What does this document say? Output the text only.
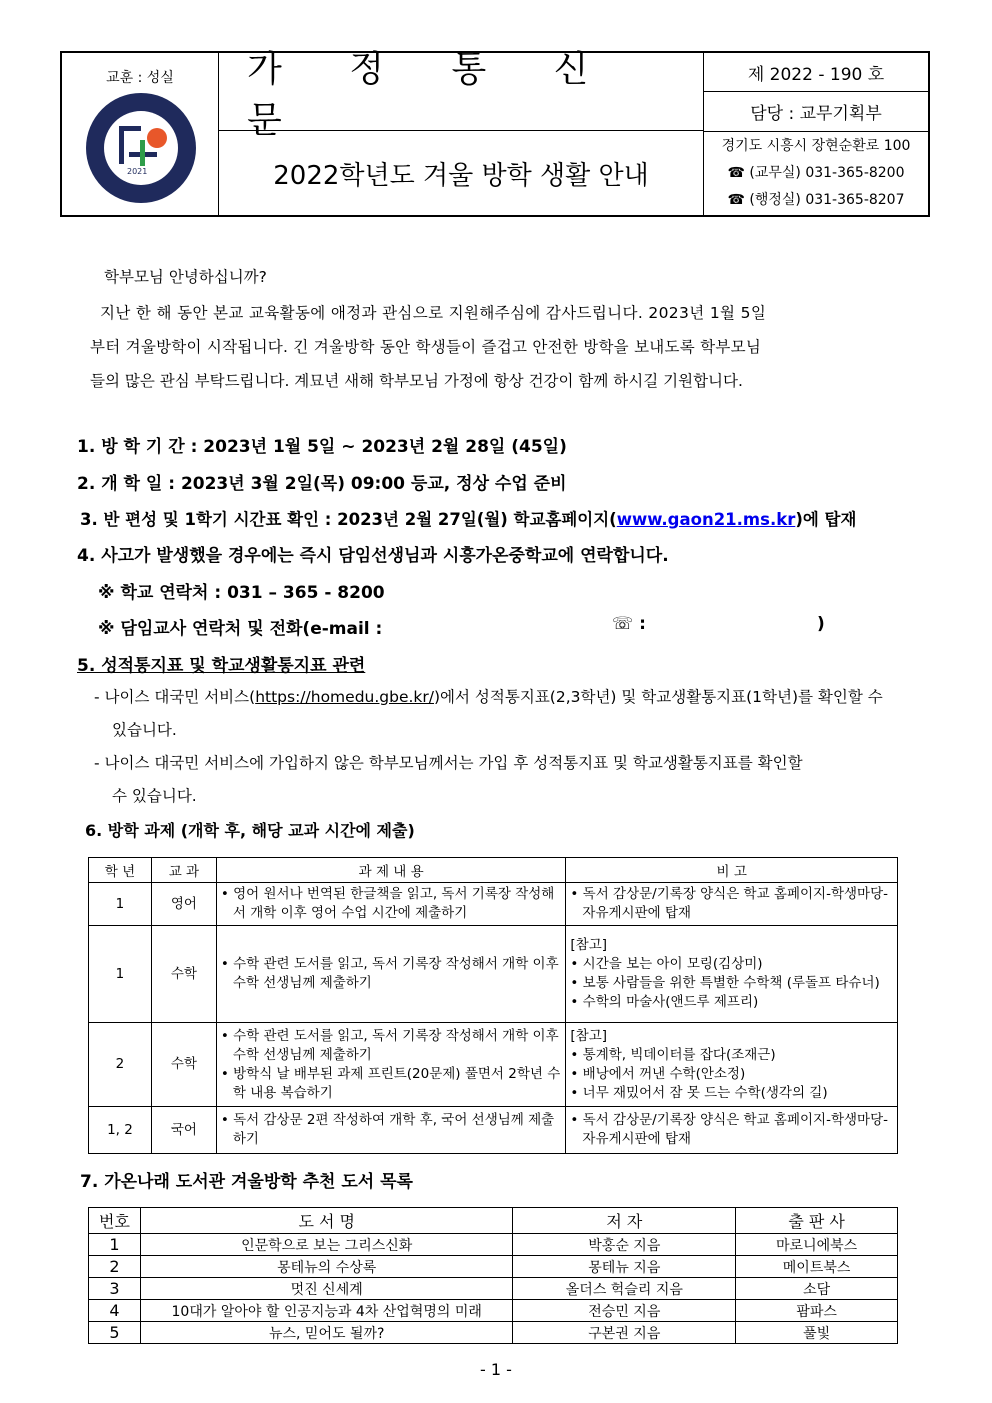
교훈 : 성실
2021
가 정 통 신 문
2022학년도 겨울 방학 생활 안내
제 2022 - 190 호
담당 : 교무기획부
경기도 시흥시 장현순환로 100
☎ (교무실) 031-365-8200
☎ (행정실) 031-365-8207
학부모님 안녕하십니까?
지난 한 해 동안 본교 교육활동에 애정과 관심으로 지원해주심에 감사드립니다. 2023년 1월 5일
부터 겨울방학이 시작됩니다. 긴 겨울방학 동안 학생들이 즐겁고 안전한 방학을 보내도록 학부모님
들의 많은 관심 부탁드립니다. 계묘년 새해 학부모님 가정에 항상 건강이 함께 하시길 기원합니다.
1. 방 학 기 간 : 2023년 1월 5일 ~ 2023년 2월 28일 (45일)
2. 개 학 일 : 2023년 3월 2일(목) 09:00 등교, 정상 수업 준비
3. 반 편성 및 1학기 시간표 확인 : 2023년 2월 27일(월) 학교홈페이지(www.gaon21.ms.kr)에 탑재
4. 사고가 발생했을 경우에는 즉시 담임선생님과 시흥가온중학교에 연락합니다.
※ 학교 연락처 : 031 – 365 - 8200
※ 담임교사 연락처 및 전화(e-mail :	☏ :	)
5. 성적통지표 및 학교생활통지표 관련
- 나이스 대국민 서비스(https://homedu.gbe.kr/)에서 성적통지표(2,3학년) 및 학교생활통지표(1학년)를 확인할 수
있습니다.
- 나이스 대국민 서비스에 가입하지 않은 학부모님께서는 가입 후 성적통지표 및 학교생활통지표를 확인할
수 있습니다.
6. 방학 과제 (개학 후, 해당 교과 시간에 제출)
학 년	교 과	과 제 내 용	비 고
1	영어	• 영어 원서나 번역된 한글책을 읽고, 독서 기록장 작성해서 개학 이후 영어 수업 시간에 제출하기	• 독서 감상문/기록장 양식은 학교 홈페이지-학생마당-자유게시판에 탑재

1	수학	• 수학 관련 도서를 읽고, 독서 기록장 작성해서 개학 이후 수학 선생님께 제출하기	[참고]
• 시간을 보는 아이 모링(김상미)
• 보통 사람들을 위한 특별한 수학책 (루돌프 타슈너)
• 수학의 마술사(앤드루 제프리)

2	수학	• 수학 관련 도서를 읽고, 독서 기록장 작성해서 개학 이후 수학 선생님께 제출하기
• 방학식 날 배부된 과제 프린트(20문제) 풀면서 2학년 수학 내용 복습하기	[참고]
• 통계학, 빅데이터를 잡다(조재근)
• 배낭에서 꺼낸 수학(안소정)
• 너무 재밌어서 잠 못 드는 수학(생각의 길)

1, 2	국어	• 독서 감상문 2편 작성하여 개학 후, 국어 선생님께 제출하기	• 독서 감상문/기록장 양식은 학교 홈페이지-학생마당-자유게시판에 탑재
7. 가온나래 도서관 겨울방학 추천 도서 목록
번호	도 서 명	저 자	출 판 사
1	인문학으로 보는 그리스신화	박홍순 지음	마로니에북스
2	몽테뉴의 수상록	몽테뉴 지음	메이트북스
3	멋진 신세계	올더스 헉슬리 지음	소담
4	10대가 알아야 할 인공지능과 4차 산업혁명의 미래	전승민 지음	팜파스
5	뉴스, 믿어도 될까?	구본권 지음	풀빛
- 1 -
